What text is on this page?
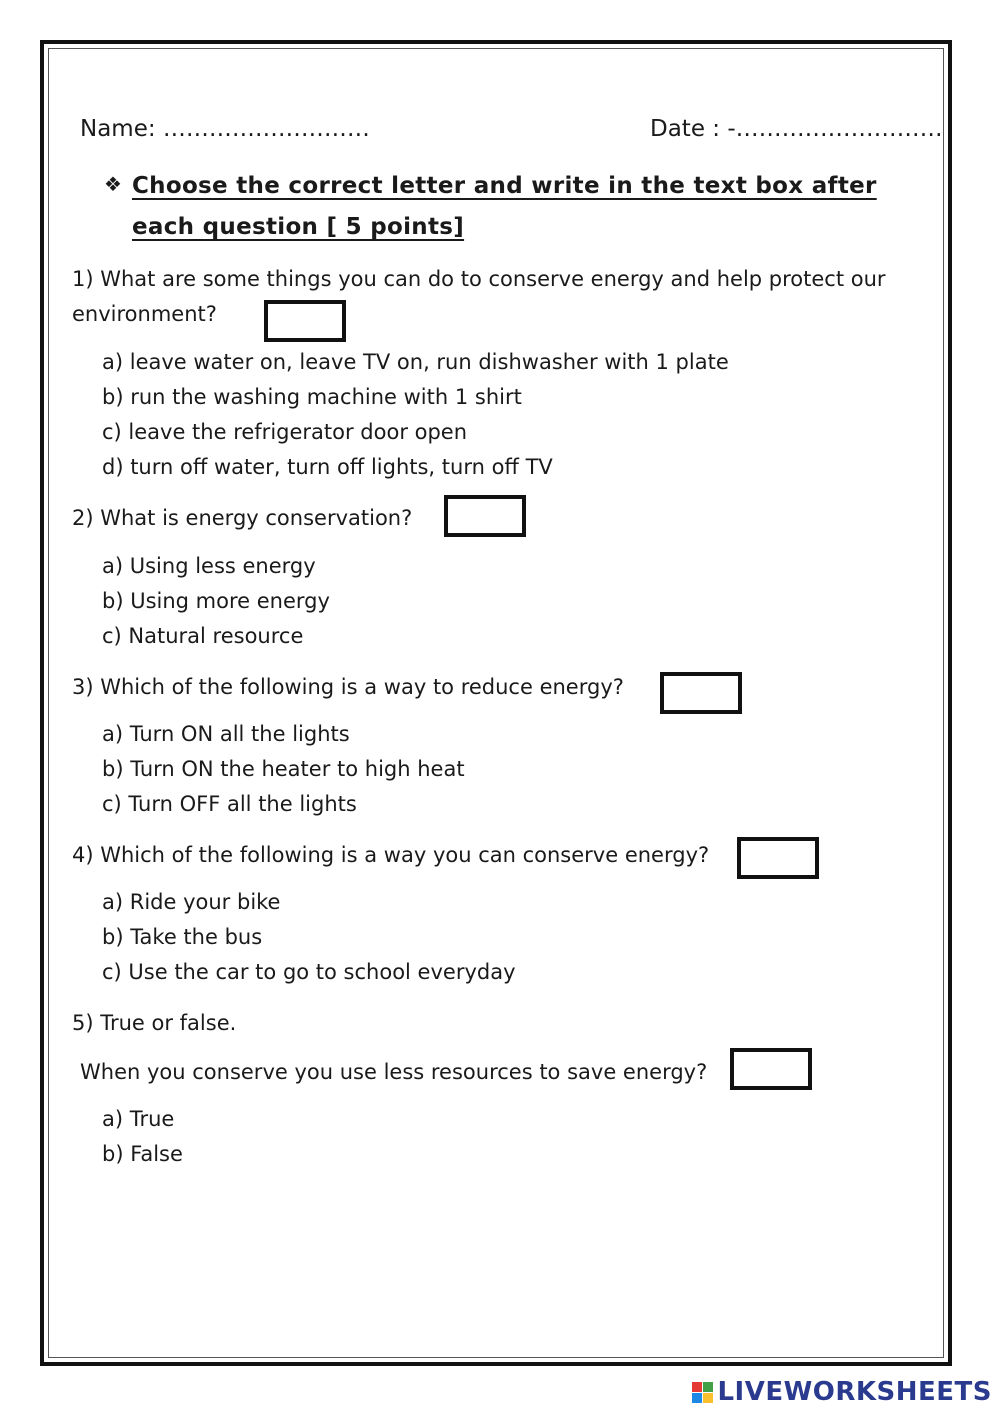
Name: ………………………	Date : -………………………
❖ Choose the correct letter and write in the text box after each question [ 5 points]
1) What are some things you can do to conserve energy and help protect our environment?
a) leave water on, leave TV on, run dishwasher with 1 plate
b) run the washing machine with 1 shirt
c) leave the refrigerator door open
d) turn off water, turn off lights, turn off TV
2) What is energy conservation?
a) Using less energy
b) Using more energy
c) Natural resource
3) Which of the following is a way to reduce energy?
a) Turn ON all the lights
b) Turn ON the heater to high heat
c) Turn OFF all the lights
4) Which of the following is a way you can conserve energy?
a) Ride your bike
b) Take the bus
c) Use the car to go to school everyday
5) True or false.
When you conserve you use less resources to save energy?
a) True
b) False
LIVEWORKSHEETS
